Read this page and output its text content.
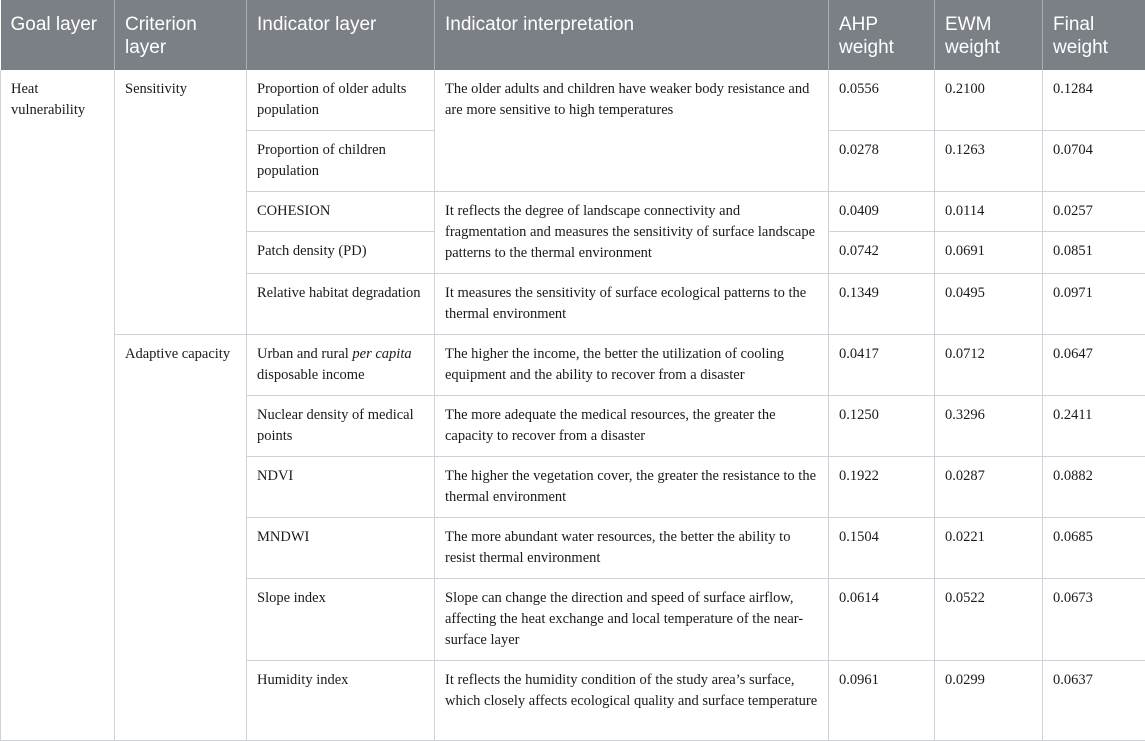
Goal layer	Criterion layer	Indicator layer	Indicator interpretation	AHP weight	EWM weight	Final weight
Heat vulnerability	Sensitivity	Proportion of older adults population	The older adults and children have weaker body resistance and are more sensitive to high temperatures	0.0556	0.2100	0.1284
		Proportion of children population		0.0278	0.1263	0.0704
		COHESION	It reflects the degree of landscape connectivity and fragmentation and measures the sensitivity of surface landscape patterns to the thermal environment	0.0409	0.0114	0.0257
		Patch density (PD)		0.0742	0.0691	0.0851
		Relative habitat degradation	It measures the sensitivity of surface ecological patterns to the thermal environment	0.1349	0.0495	0.0971
	Adaptive capacity	Urban and rural per capita disposable income	The higher the income, the better the utilization of cooling equipment and the ability to recover from a disaster	0.0417	0.0712	0.0647
		Nuclear density of medical points	The more adequate the medical resources, the greater the capacity to recover from a disaster	0.1250	0.3296	0.2411
		NDVI	The higher the vegetation cover, the greater the resistance to the thermal environment	0.1922	0.0287	0.0882
		MNDWI	The more abundant water resources, the better the ability to resist thermal environment	0.1504	0.0221	0.0685
		Slope index	Slope can change the direction and speed of surface airflow, affecting the heat exchange and local temperature of the near-surface layer	0.0614	0.0522	0.0673
		Humidity index	It reflects the humidity condition of the study area’s surface, which closely affects ecological quality and surface temperature	0.0961	0.0299	0.0637
